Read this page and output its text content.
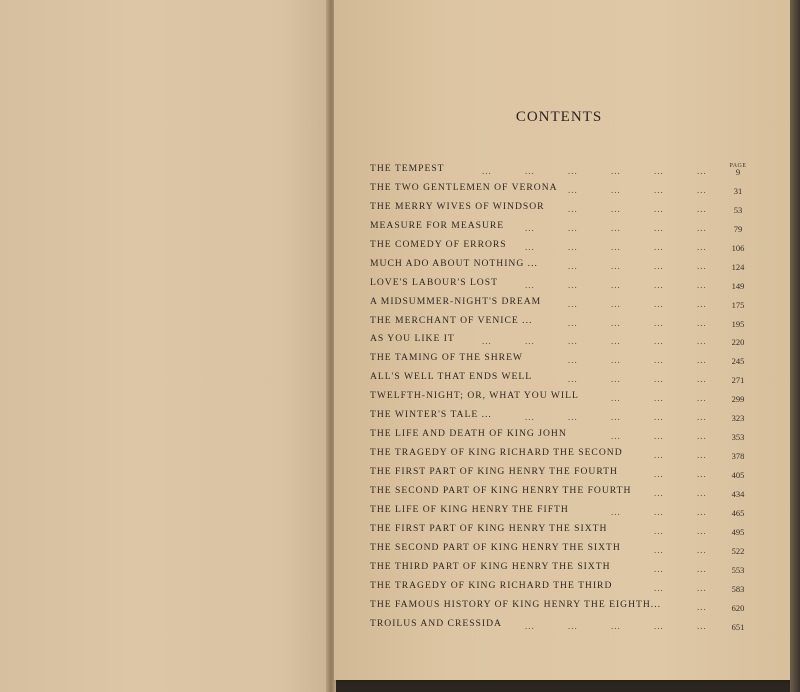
CONTENTS
PAGE
THE TEMPEST	...	...	...	...	...	...	9
THE TWO GENTLEMEN OF VERONA ...	...	...	...	31
THE MERRY WIVES OF WINDSOR	...	...	...	...	53
MEASURE FOR MEASURE ...	...	...	...	...	79
THE COMEDY OF ERRORS ...	...	...	...	...	106
MUCH ADO ABOUT NOTHING ...	...	...	...	...	124
LOVE'S LABOUR'S LOST	...	...	...	...	...	149
A MIDSUMMER-NIGHT'S DREAM	...	...	...	...	175
THE MERCHANT OF VENICE ...	...	...	...	...	195
AS YOU LIKE IT	...	...	...	...	...	...	220
THE TAMING OF THE SHREW	...	...	...	...	245
ALL'S WELL THAT ENDS WELL	...	...	...	...	271
TWELFTH-NIGHT; OR, WHAT YOU WILL	...	...	...	299
THE WINTER'S TALE ...	...	...	...	...	...	323
THE LIFE AND DEATH OF KING JOHN	...	...	...	353
THE TRAGEDY OF KING RICHARD THE SECOND	...	...	378
THE FIRST PART OF KING HENRY THE FOURTH	...	...	405
THE SECOND PART OF KING HENRY THE FOURTH	...	...	434
THE LIFE OF KING HENRY THE FIFTH	...	...	...	465
THE FIRST PART OF KING HENRY THE SIXTH	...	...	495
THE SECOND PART OF KING HENRY THE SIXTH	...	...	522
THE THIRD PART OF KING HENRY THE SIXTH	...	...	553
THE TRAGEDY OF KING RICHARD THE THIRD	...	...	583
THE FAMOUS HISTORY OF KING HENRY THE EIGHTH...	...	620
TROILUS AND CRESSIDA	...	...	...	...	...	651
